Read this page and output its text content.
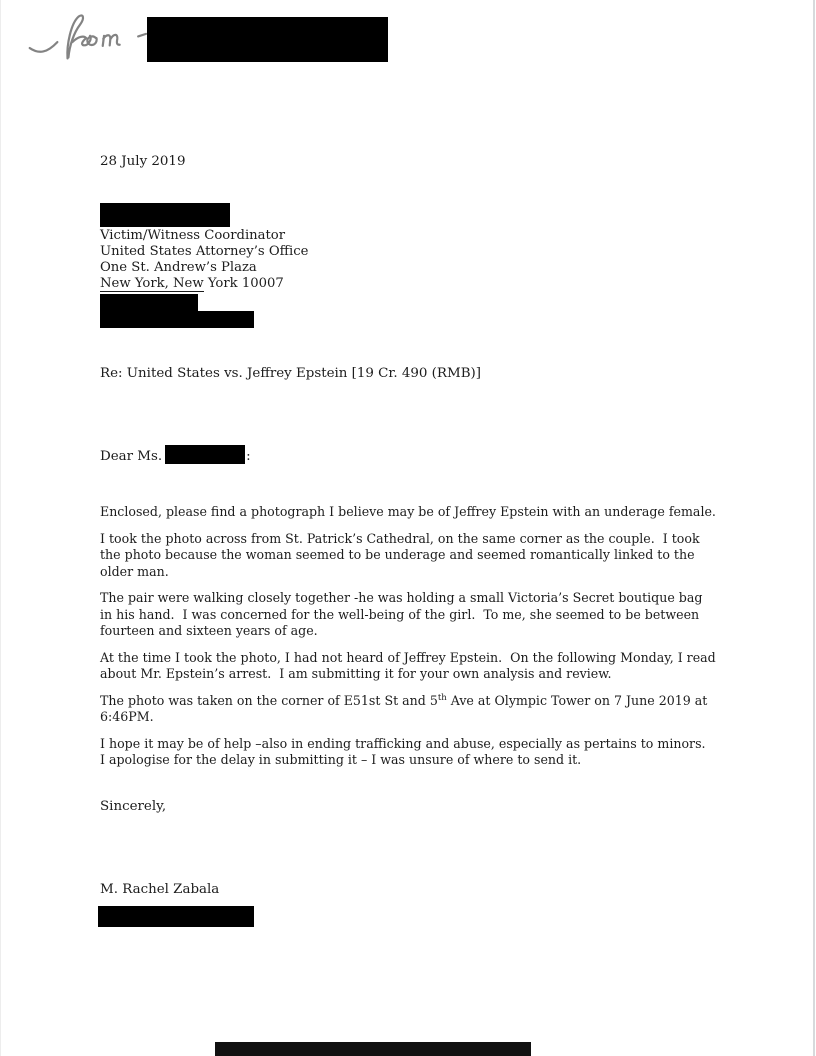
28 July 2019
Victim/Witness Coordinator
United States Attorney’s Office
One St. Andrew’s Plaza
New York, New York 10007
Re: United States vs. Jeffrey Epstein [19 Cr. 490 (RMB)]
Dear Ms.	:

Enclosed, please find a photograph I believe may be of Jeffrey Epstein with an underage female.

I took the photo across from St. Patrick’s Cathedral, on the same corner as the couple.  I took the photo because the woman seemed to be underage and seemed romantically linked to the older man.

The pair were walking closely together -he was holding a small Victoria’s Secret boutique bag in his hand.  I was concerned for the well-being of the girl.  To me, she seemed to be between fourteen and sixteen years of age.

At the time I took the photo, I had not heard of Jeffrey Epstein.  On the following Monday, I read about Mr. Epstein’s arrest.  I am submitting it for your own analysis and review.

The photo was taken on the corner of E51st St and 5th Ave at Olympic Tower on 7 June 2019 at 6:46PM.

I hope it may be of help –also in ending trafficking and abuse, especially as pertains to minors.  I apologise for the delay in submitting it – I was unsure of where to send it.

Sincerely,
M. Rachel Zabala
